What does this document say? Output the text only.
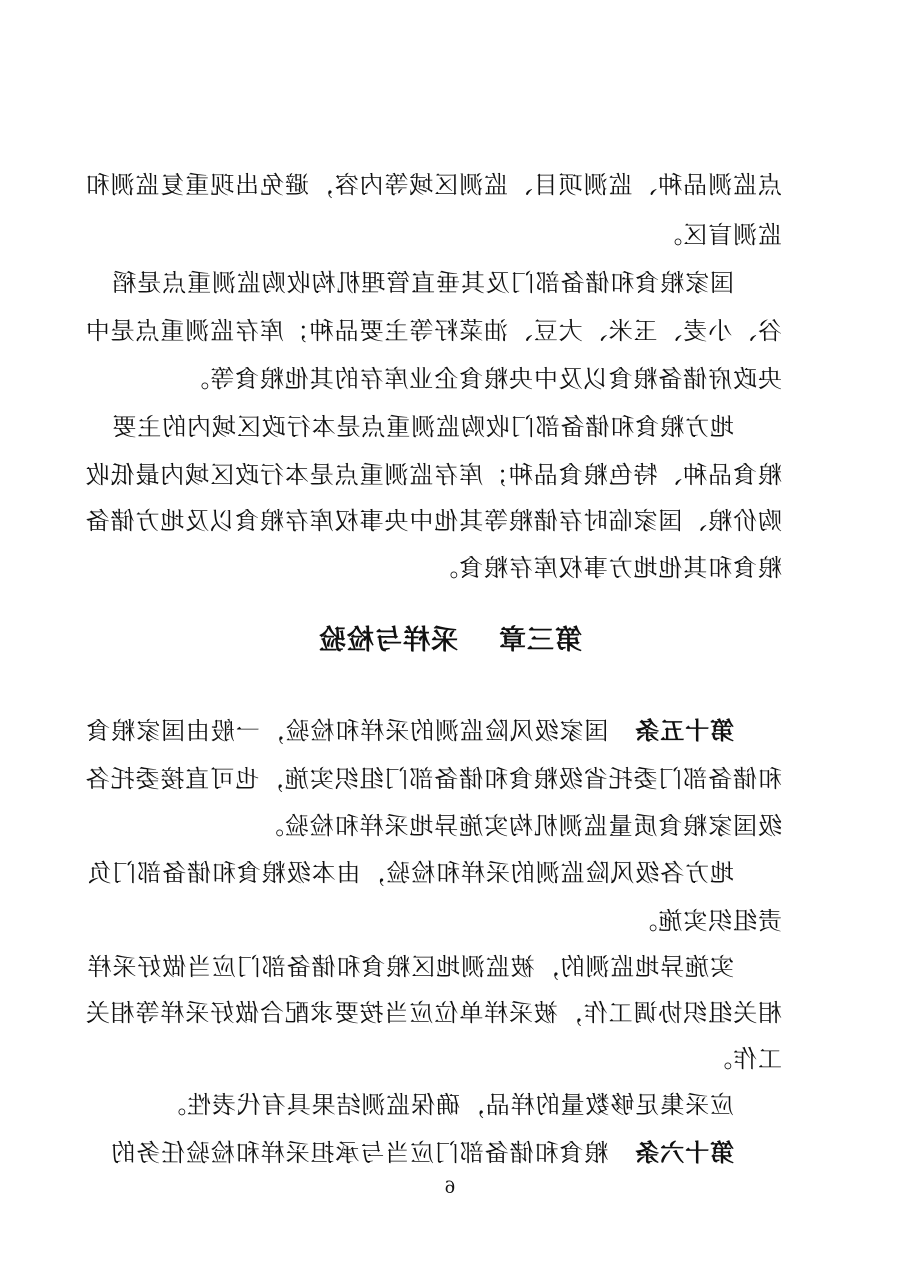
点监测品种、监测项目、监测区域等内容，避免出现重复监测和
监测盲区。
国家粮食和储备部门及其垂直管理机构收购监测重点是稻
谷、小麦、玉米、大豆、油菜籽等主要品种；库存监测重点是中
央政府储备粮食以及中央粮食企业库存的其他粮食等。
地方粮食和储备部门收购监测重点是本行政区域内的主要
粮食品种、特色粮食品种；库存监测重点是本行政区域内最低收
购价粮、国家临时存储粮等其他中央事权库存粮食以及地方储备
粮食和其他地方事权库存粮食。
第三章采样与检验
第十五条国家级风险监测的采样和检验，一般由国家粮食
和储备部门委托省级粮食和储备部门组织实施，也可直接委托各
级国家粮食质量监测机构实施异地采样和检验。
地方各级风险监测的采样和检验，由本级粮食和储备部门负
责组织实施。
实施异地监测的，被监测地区粮食和储备部门应当做好采样
相关组织协调工作，被采样单位应当按要求配合做好采样等相关
工作。
应采集足够数量的样品，确保监测结果具有代表性。
第十六条粮食和储备部门应当与承担采样和检验任务的
6
